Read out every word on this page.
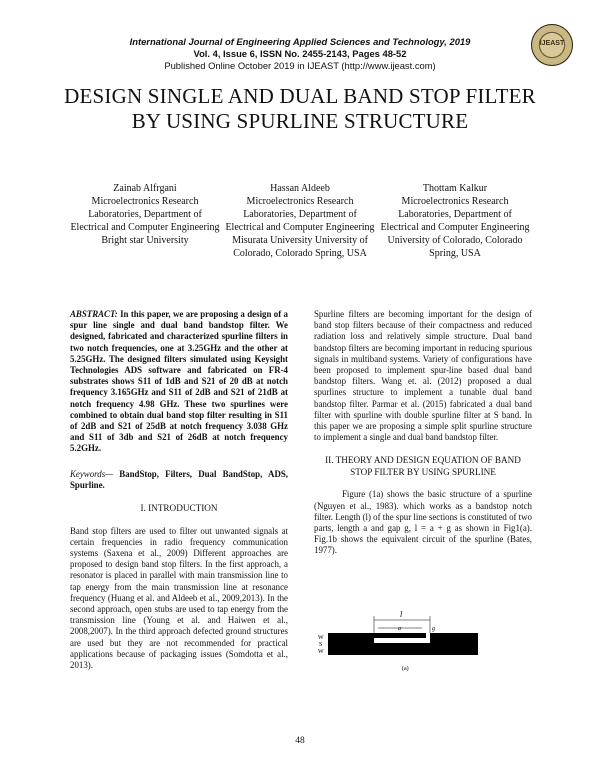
International Journal of Engineering Applied Sciences and Technology, 2019
Vol. 4, Issue 6, ISSN No. 2455-2143, Pages 48-52
Published Online October 2019 in IJEAST (http://www.ijeast.com)
IJEAST
DESIGN SINGLE AND DUAL BAND STOP FILTER BY USING SPURLINE STRUCTURE
Zainab Alfrgani
Microelectronics Research Laboratories, Department of Electrical and Computer Engineering Bright star University
Hassan Aldeeb
Microelectronics Research Laboratories, Department of Electrical and Computer Engineering Misurata University University of Colorado, Colorado Spring, USA
Thottam Kalkur
Microelectronics Research Laboratories, Department of Electrical and Computer Engineering University of Colorado, Colorado Spring, USA

ABSTRACT: In this paper, we are proposing a design of a spur line single and dual band bandstop filter. We designed, fabricated and characterized spurline filters in two notch frequencies, one at 3.25GHz and the other at 5.25GHz. The designed filters simulated using Keysight Technologies ADS software and fabricated on FR-4 substrates shows S11 of 1dB and S21 of 20 dB at notch frequency 3.165GHz and S11 of 2dB and S21 of 21dB at notch frequency 4.98 GHz. These two spurlines were combined to obtain dual band stop filter resulting in S11 of 2dB and S21 of 25dB at notch frequency 3.038 GHz and S11 of 3db and S21 of 26dB at notch frequency 5.2GHz.

Keywords— BandStop, Filters, Dual BandStop, ADS, Spurline.

I. INTRODUCTION

Band stop filters are used to filter out unwanted signals at certain frequencies in radio frequency communication systems (Saxena et al., 2009) Different approaches are proposed to design band stop filters. In the first approach, a resonator is placed in parallel with main transmission line to tap energy from the main transmission line at resonance frequency (Huang et al. and Aldeeb et al., 2009,2013). In the second approach, open stubs are used to tap energy from the transmission line (Young et al. and Haiwen et al., 2008,2007). In the third approach defected ground structures are used but they are not recommended for practical applications because of packaging issues (Somdotta et al., 2013).

Spurline filters are becoming important for the design of band stop filters because of their compactness and reduced radiation loss and relatively simple structure. Dual band bandstop filters are becoming important in reducing spurious signals in multiband systems. Variety of configurations have been proposed to implement spur-line based dual band bandstop filters. Wang et. al. (2012) proposed a dual spurlines structure to implement a tunable dual band bandstop filter. Parmar et al. (2015) fabricated a dual band filter with spurline with double spurline filter at S band. In this paper we are proposing a simple split spurline structure to implement a single and dual band bandstop filter.

II. THEORY AND DESIGN EQUATION OF BAND STOP FILTER BY USING SPURLINE

Figure (1a) shows the basic structure of a spurline (Nguyen et al., 1983). which works as a bandstop notch filter. Length (l) of the spur line sections is constituted of two parts, length a and gap g, l = a + g as shown in Fig1(a). Fig.1b shows the equivalent circuit of the spurline (Bates, 1977).

l
a	g
W
S
W
(a)
48
